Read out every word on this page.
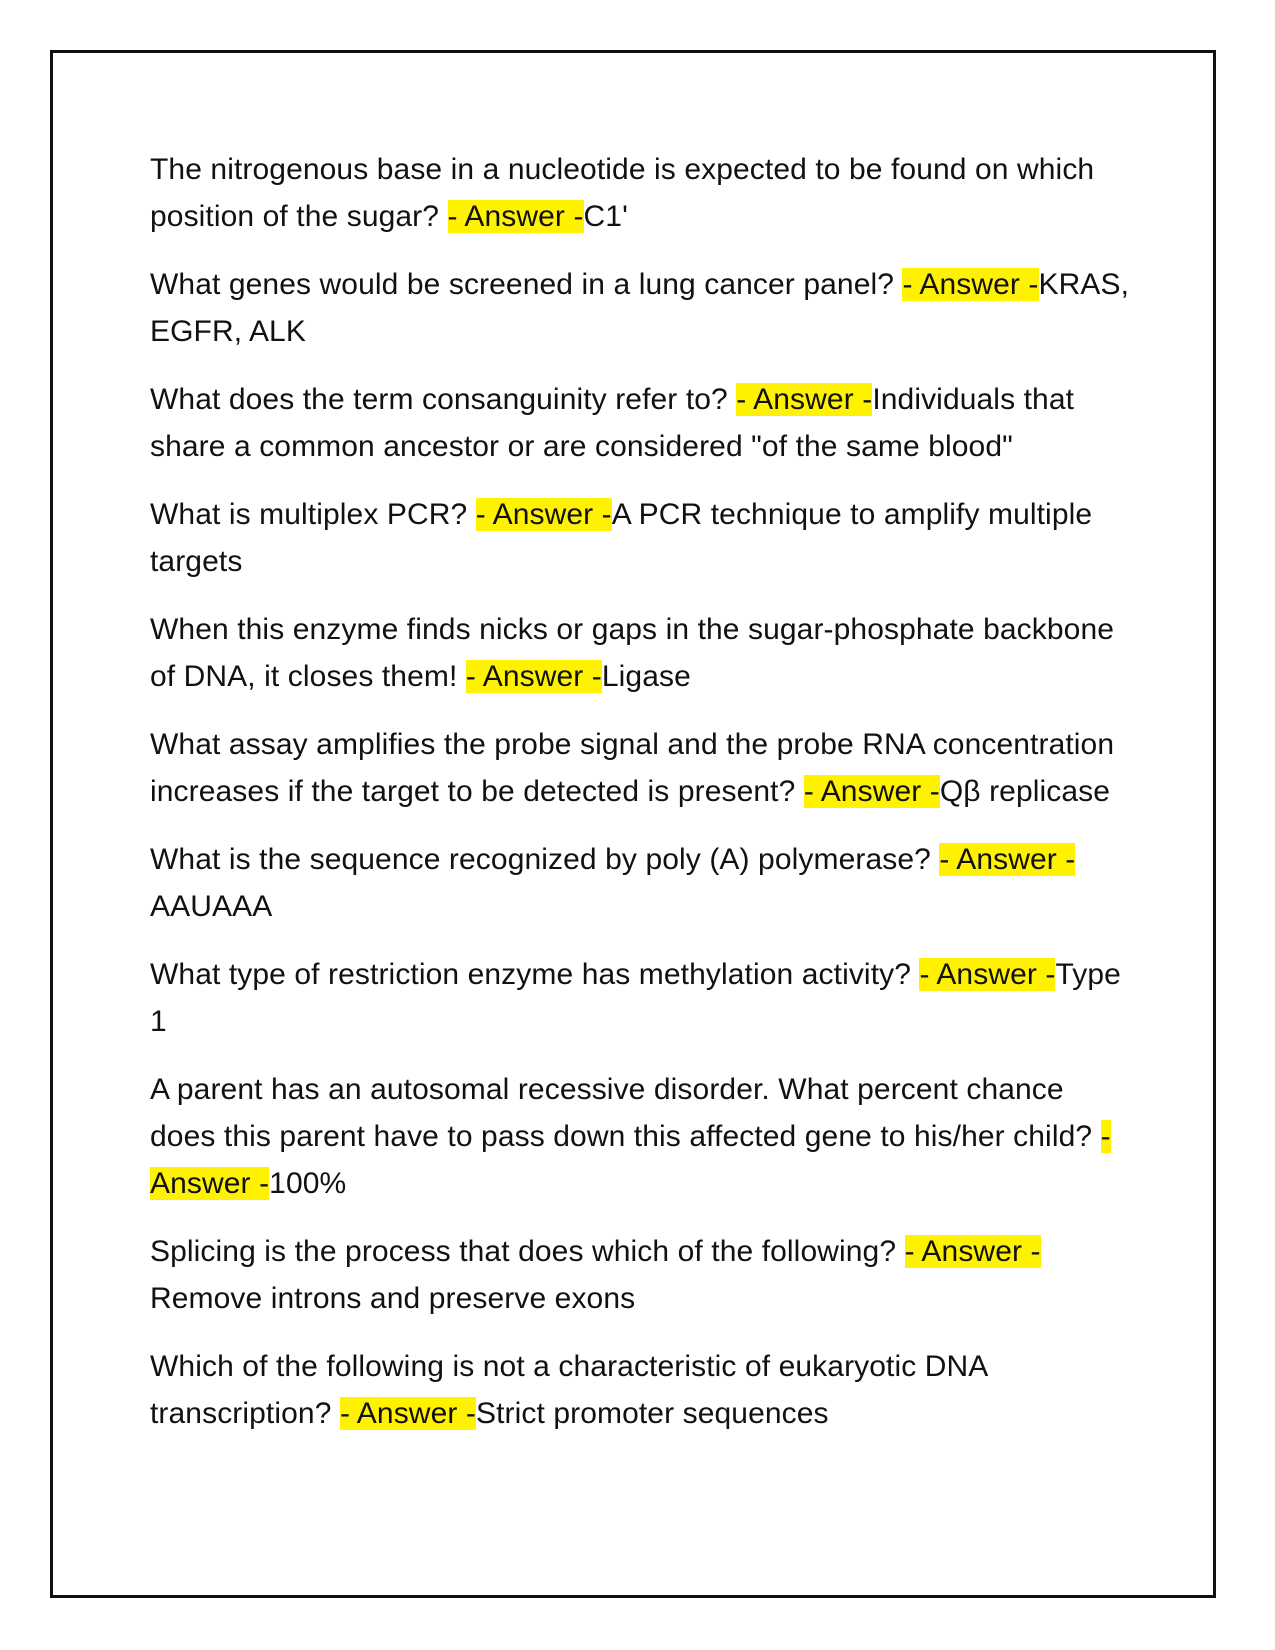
The nitrogenous base in a nucleotide is expected to be found on which position of the sugar? - Answer -C1'
What genes would be screened in a lung cancer panel? - Answer -KRAS, EGFR, ALK
What does the term consanguinity refer to? - Answer -Individuals that share a common ancestor or are considered "of the same blood"
What is multiplex PCR? - Answer -A PCR technique to amplify multiple targets
When this enzyme finds nicks or gaps in the sugar-phosphate backbone of DNA, it closes them! - Answer -Ligase
What assay amplifies the probe signal and the probe RNA concentration increases if the target to be detected is present? - Answer -Qβ replicase
What is the sequence recognized by poly (A) polymerase? - Answer -AAUAAA
What type of restriction enzyme has methylation activity? - Answer -Type 1
A parent has an autosomal recessive disorder. What percent chance does this parent have to pass down this affected gene to his/her child? - Answer -100%
Splicing is the process that does which of the following? - Answer -Remove introns and preserve exons
Which of the following is not a characteristic of eukaryotic DNA transcription? - Answer -Strict promoter sequences
